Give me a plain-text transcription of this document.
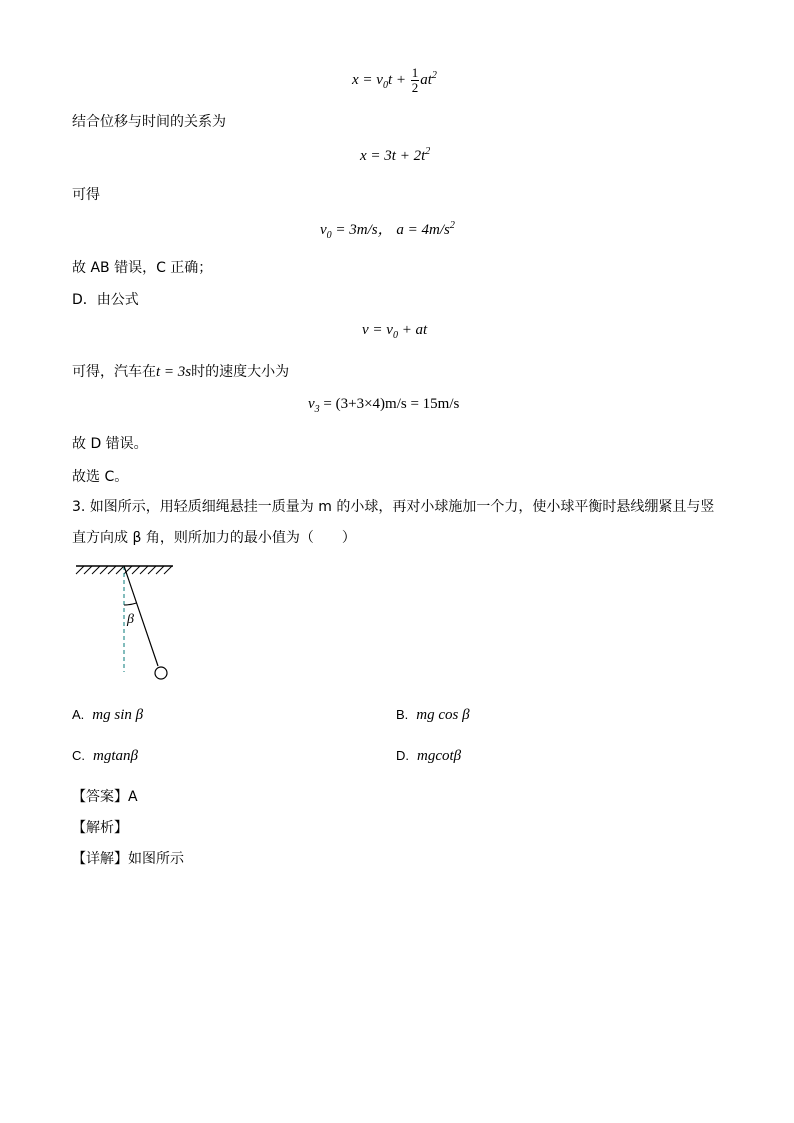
$x = v_0t + \frac{1}{2} at^2$
结合位移与时间的关系为
$x = 3t + 2t^2$
可得
$v_0 = 3m/s$， $a = 4m/s^2$
故 AB 错误，C 正确；
D．由公式
$v = v_0$ + at
可得，汽车在t = 3s时的速度大小为
$v_3 = (3+3\times 4)m/s = 15m/s$
故 D 错误。
故选 C。
3. 如图所示，用轻质细绳悬挂一质量为 m 的小球，再对小球施加一个力，使小球平衡时悬线绷紧且与竖
直方向成 β 角，则所加力的最小值为（　　）
β
A. mg sin β	B. mg cos β
C. mgtanβ	D. mgcotβ
【答案】A
【解析】
【详解】如图所示
